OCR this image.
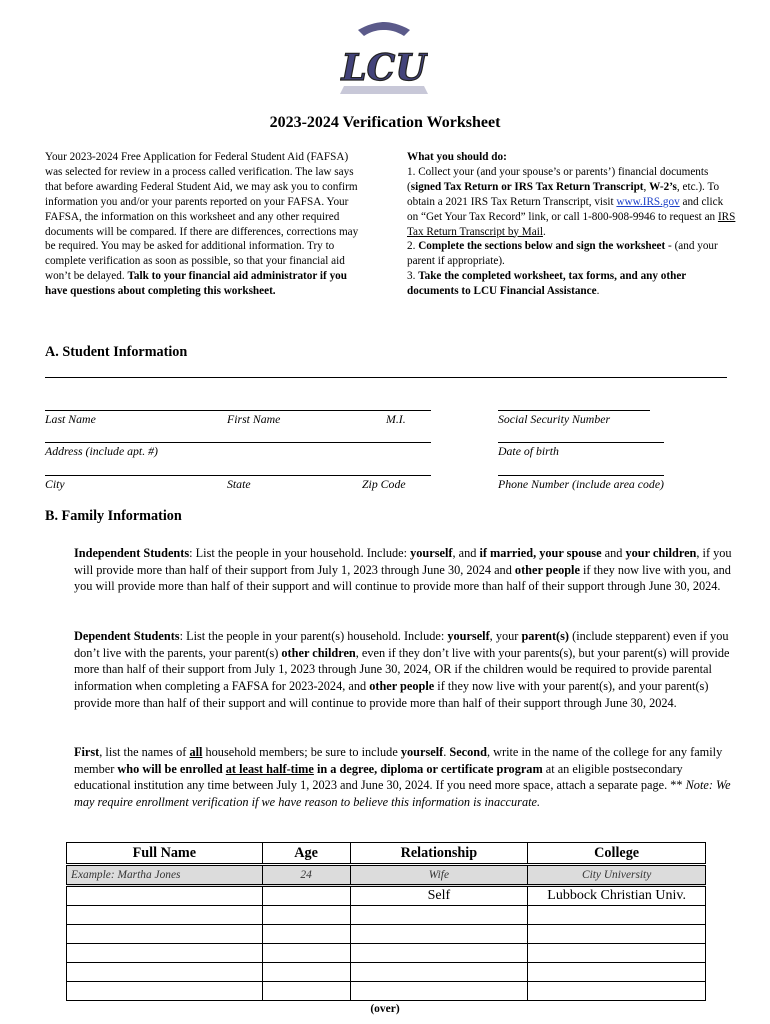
LCU
2023-2024 Verification Worksheet
Your 2023-2024 Free Application for Federal Student Aid (FAFSA) was selected for review in a process called verification. The law says that before awarding Federal Student Aid, we may ask you to confirm information you and/or your parents reported on your FAFSA. Your FAFSA, the information on this worksheet and any other required documents will be compared. If there are differences, corrections may be required. You may be asked for additional information. Try to complete verification as soon as possible, so that your financial aid won’t be delayed. Talk to your financial aid administrator if you have questions about completing this worksheet.
What you should do:
1. Collect your (and your spouse’s or parents’) financial documents (signed Tax Return or IRS Tax Return Transcript, W-2’s, etc.). To obtain a 2021 IRS Tax Return Transcript, visit www.IRS.gov and click on “Get Your Tax Record” link, or call 1-800-908-9946 to request an IRS Tax Return Transcript by Mail.
2. Complete the sections below and sign the worksheet - (and your parent if appropriate).
3. Take the completed worksheet, tax forms, and any other documents to LCU Financial Assistance.
A. Student Information
Last Name	First Name	M.I.	Social Security Number
Address (include apt. #)	Date of birth
City	State	Zip Code	Phone Number (include area code)
B. Family Information
Independent Students: List the people in your household. Include: yourself, and if married, your spouse and your children, if you will provide more than half of their support from July 1, 2023 through June 30, 2024 and other people if they now live with you, and you will provide more than half of their support and will continue to provide more than half of their support through June 30, 2024.
Dependent Students: List the people in your parent(s) household. Include: yourself, your parent(s) (include stepparent) even if you don’t live with the parents, your parent(s) other children, even if they don’t live with your parents(s), but your parent(s) will provide more than half of their support from July 1, 2023 through June 30, 2024, OR if the children would be required to provide parental information when completing a FAFSA for 2023-2024, and other people if they now live with your parent(s), and your parent(s) provide more than half of their support and will continue to provide more than half of their support through June 30, 2024.
First, list the names of all household members; be sure to include yourself. Second, write in the name of the college for any family member who will be enrolled at least half-time in a degree, diploma or certificate program at an eligible postsecondary educational institution any time between July 1, 2023 and June 30, 2024. If you need more space, attach a separate page. ** Note: We may require enrollment verification if we have reason to believe this information is inaccurate.
Full Name	Age	Relationship	College
Example: Martha Jones	24	Wife	City University
		Self	Lubbock Christian Univ.

(over)
